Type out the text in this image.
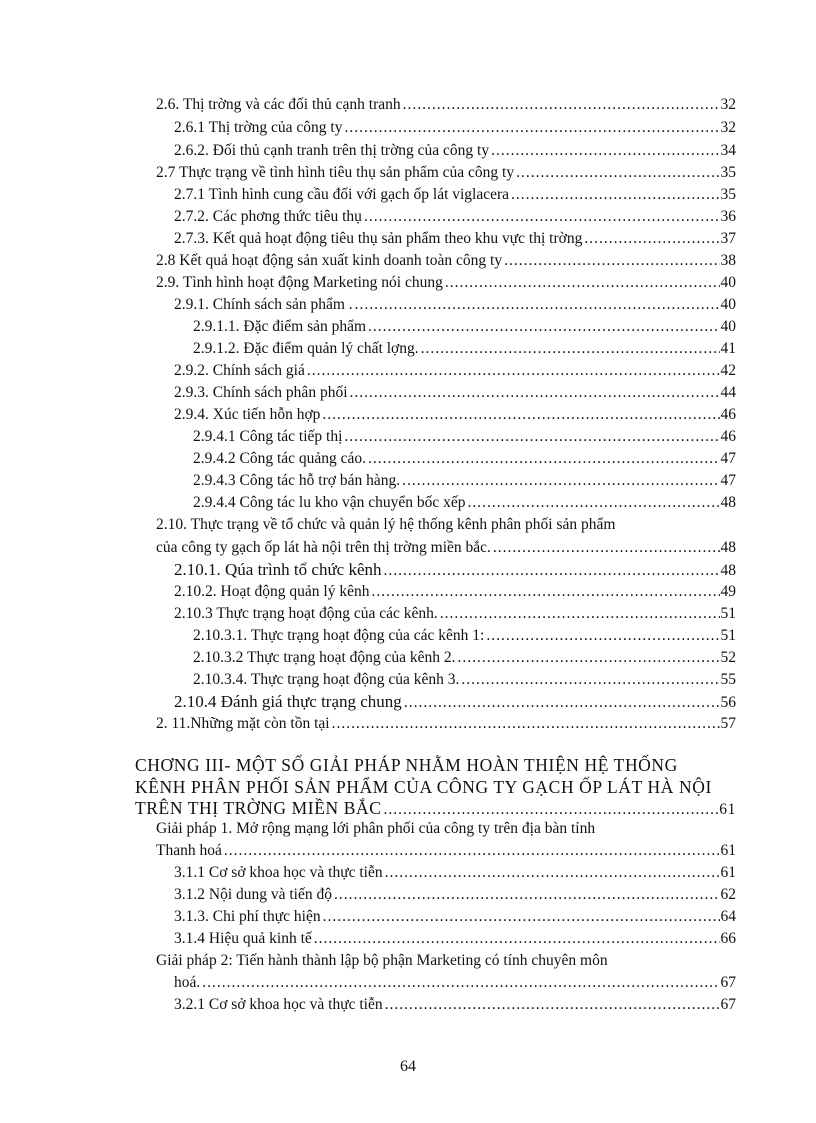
2.6. Thị trờng và các đối thủ cạnh tranh .....	32
2.6.1 Thị trờng của công ty .....	32
2.6.2. Đối thủ cạnh tranh trên thị trờng của công ty .....	34
2.7 Thực trạng về tình hình tiêu thụ sản phẩm của công ty .....	35
2.7.1 Tình hình cung cầu đối với gạch ốp lát viglacera .....	35
2.7.2. Các phơng thức tiêu thụ .....	36
2.7.3. Kết quả hoạt động tiêu thụ sản phẩm theo khu vực thị trờng .....	37
2.8 Kết quả hoạt động sản xuất kinh doanh toàn công ty .....	38
2.9. Tình hình hoạt động Marketing nói chung .....	40
2.9.1. Chính sách sản phẩm . .....	40
2.9.1.1. Đặc điểm sản phẩm .....	40
2.9.1.2. Đặc điểm quản lý chất lợng. .....	41
2.9.2. Chính sách giá .....	42
2.9.3. Chính sách phân phối .....	44
2.9.4. Xúc tiến hỗn hợp .....	46
2.9.4.1 Công tác tiếp thị .....	46
2.9.4.2 Công tác quảng cáo. .....	47
2.9.4.3 Công tác hỗ trợ bán hàng. .....	47
2.9.4.4 Công tác lu kho vận chuyển bốc xếp .....	48
2.10. Thực trạng về tổ chức và quản lý hệ thống kênh phân phối sản phẩm
của công ty gạch ốp lát hà nội trên thị trờng miền bắc. .....	48
2.10.1. Qúa trình tổ chức kênh .....	48
2.10.2. Hoạt động quản lý kênh .....	49
2.10.3 Thực trạng hoạt động của các kênh. .....	51
2.10.3.1. Thực trạng hoạt động của các kênh 1: .....	51
2.10.3.2 Thực trạng hoạt động của kênh 2. .....	52
2.10.3.4. Thực trạng hoạt động của kênh 3. .....	55
2.10.4 Đánh giá thực trạng chung .....	56
2. 11.Những mặt còn tồn tại .....	57
CHƠNG III- MỘT SỐ GIẢI PHÁP NHẰM HOÀN THIỆN HỆ THỐNG
KÊNH PHÂN PHỐI SẢN PHẨM CỦA CÔNG TY GẠCH ỐP LÁT HÀ NỘI
TRÊN THỊ TRỜNG MIỀN BẮC .....	61
Giải pháp 1. Mở rộng mạng lới phân phối của công ty trên địa bàn tỉnh
Thanh hoá .....	61
3.1.1 Cơ sở khoa học và thực tiễn .....	61
3.1.2 Nội dung và tiến độ .....	62
3.1.3. Chi phí thực hiện .....	64
3.1.4 Hiệu quả kinh tế .....	66
Giải pháp 2: Tiến hành thành lập bộ phận Marketing có tính chuyên môn
hoá. .....	67
3.2.1 Cơ sở khoa học và thực tiễn .....	67
64
